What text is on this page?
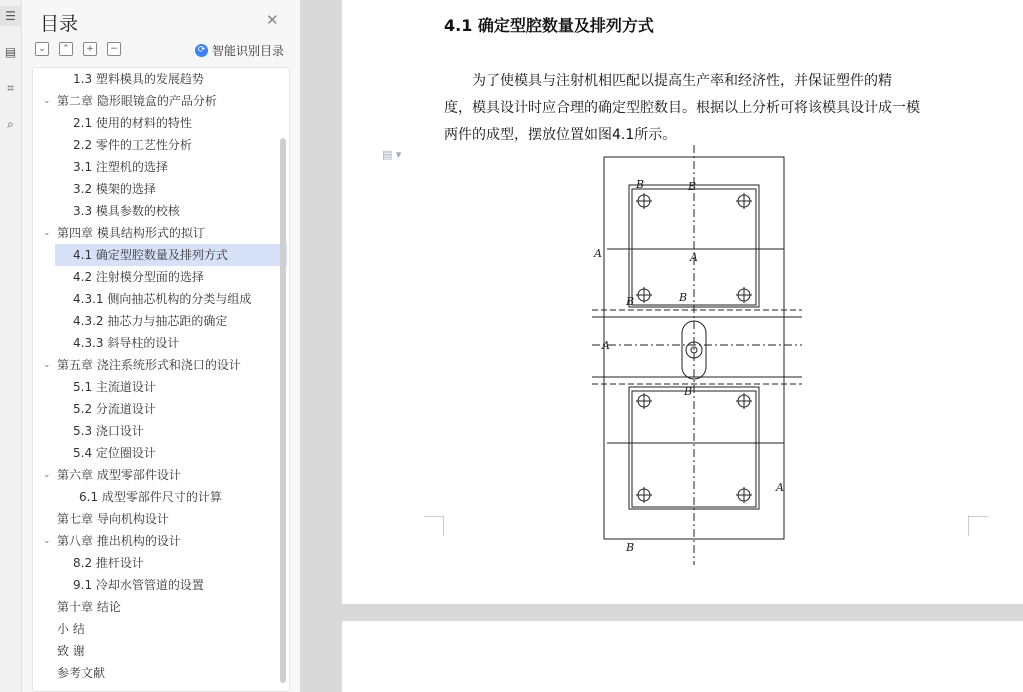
☰
▤
⌗
⌕
目录	✕
⌄	⌃	+	−	⟳ 智能识别目录
1.3 塑料模具的发展趋势
第二章 隐形眼镜盒的产品分析
⌄
2.1 使用的材料的特性
2.2 零件的工艺性分析
3.1 注塑机的选择
3.2 模架的选择
3.3 模具参数的校核
第四章 模具结构形式的拟订
⌄
4.1 确定型腔数量及排列方式
4.2 注射模分型面的选择
4.3.1 侧向抽芯机构的分类与组成
4.3.2 抽芯力与抽芯距的确定
4.3.3 斜导柱的设计
第五章 浇注系统形式和浇口的设计
⌄
5.1 主流道设计
5.2 分流道设计
5.3 浇口设计
5.4 定位圈设计
第六章 成型零部件设计
⌄
6.1 成型零部件尺寸的计算
第七章 导向机构设计
第八章 推出机构的设计
⌄
8.2 推杆设计
9.1 冷却水管管道的设置
第十章 结论
小 结
致 谢
参考文献
4.1 确定型腔数量及排列方式

为了使模具与注射机相匹配以提高生产率和经济性，并保证塑件的精

度，模具设计时应合理的确定型腔数目。根据以上分析可将该模具设计成一模

两件的成型，摆放位置如图4.1所示。

▤ ▾
B	B
A	A
B	B
A
B
A
B
